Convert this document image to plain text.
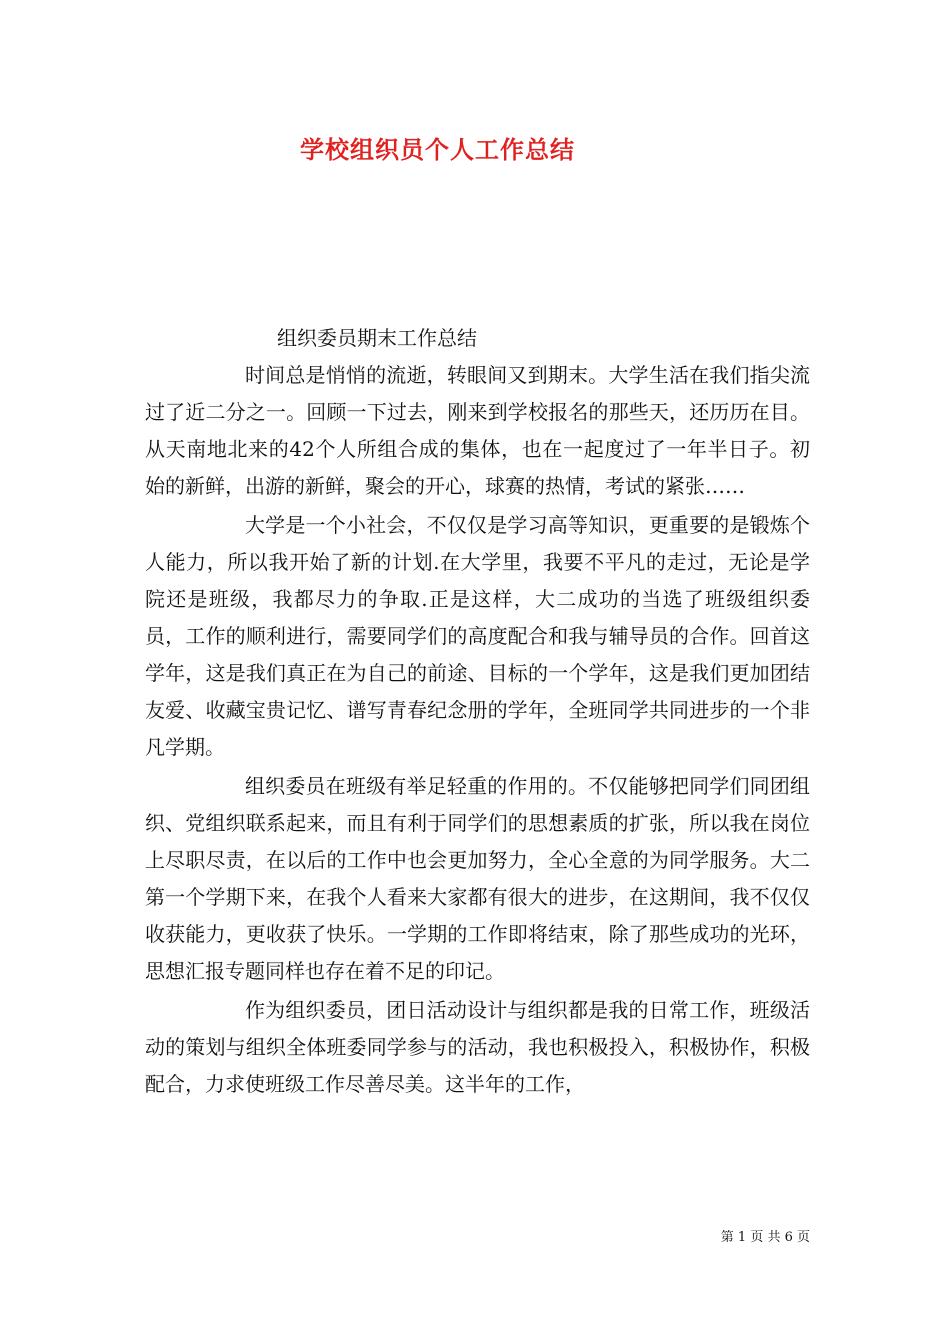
学校组织员个人工作总结

组织委员期末工作总结

时间总是悄悄的流逝，转眼间又到期末。大学生活在我们指尖流过了近二分之一。回顾一下过去，刚来到学校报名的那些天，还历历在目。从天南地北来的42个人所组合成的集体，也在一起度过了一年半日子。初始的新鲜，出游的新鲜，聚会的开心，球赛的热情，考试的紧张……

大学是一个小社会，不仅仅是学习高等知识，更重要的是锻炼个人能力，所以我开始了新的计划.在大学里，我要不平凡的走过，无论是学院还是班级，我都尽力的争取.正是这样，大二成功的当选了班级组织委员，工作的顺利进行，需要同学们的高度配合和我与辅导员的合作。回首这学年，这是我们真正在为自己的前途、目标的一个学年，这是我们更加团结友爱、收藏宝贵记忆、谱写青春纪念册的学年，全班同学共同进步的一个非凡学期。

组织委员在班级有举足轻重的作用的。不仅能够把同学们同团组织、党组织联系起来，而且有利于同学们的思想素质的扩张，所以我在岗位上尽职尽责，在以后的工作中也会更加努力，全心全意的为同学服务。大二第一个学期下来，在我个人看来大家都有很大的进步，在这期间，我不仅仅收获能力，更收获了快乐。一学期的工作即将结束，除了那些成功的光环，思想汇报专题同样也存在着不足的印记。

作为组织委员，团日活动设计与组织都是我的日常工作，班级活动的策划与组织全体班委同学参与的活动，我也积极投入，积极协作，积极配合，力求使班级工作尽善尽美。这半年的工作，

第 1 页 共 6 页
